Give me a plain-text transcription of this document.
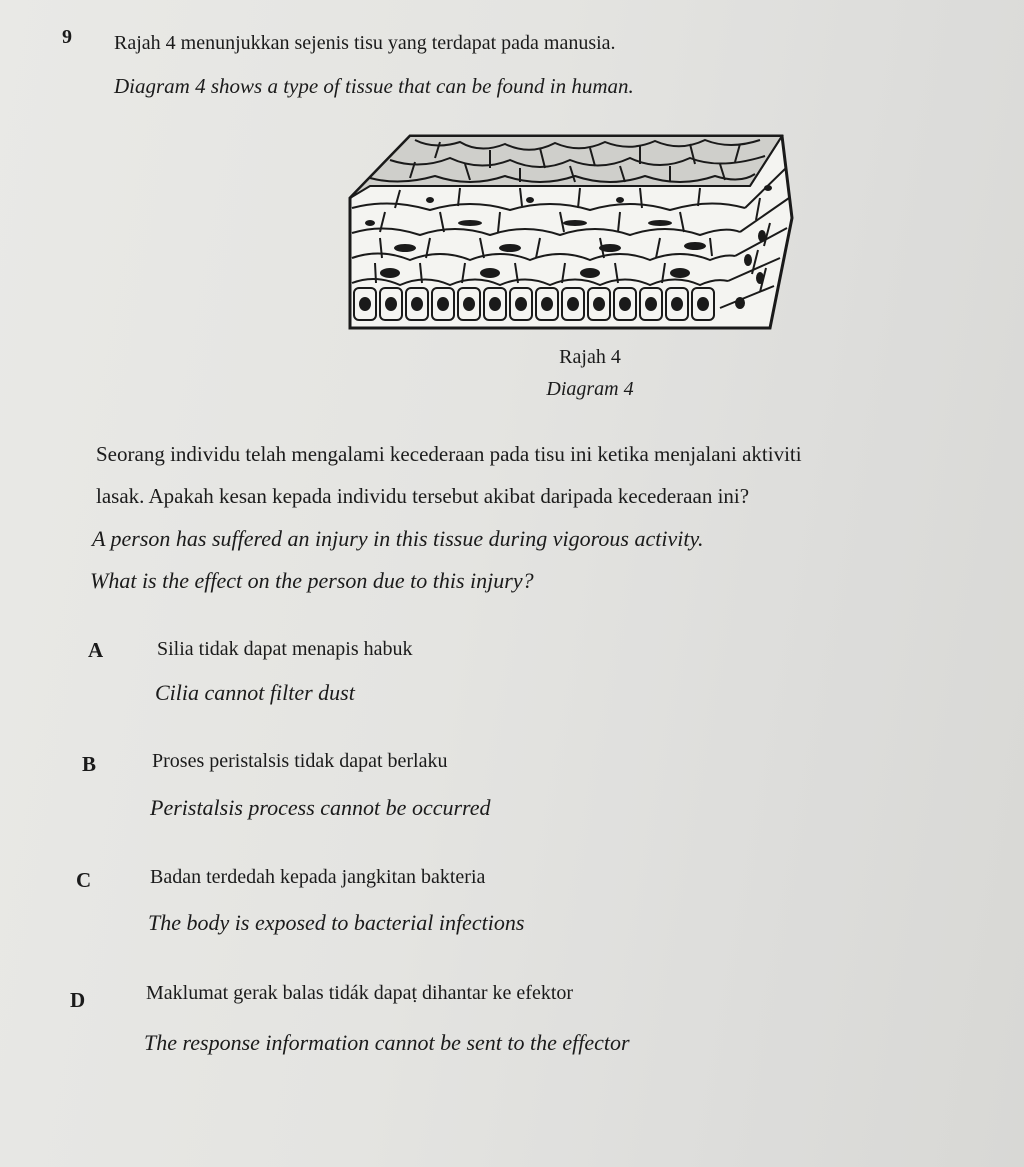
9 Rajah 4 menunjukkan sejenis tisu yang terdapat pada manusia.
Diagram 4 shows a type of tissue that can be found in human.
Rajah 4
Diagram 4
Seorang individu telah mengalami kecederaan pada tisu ini ketika menjalani aktiviti
lasak. Apakah kesan kepada individu tersebut akibat daripada kecederaan ini?
A person has suffered an injury in this tissue during vigorous activity.
What is the effect on the person due to this injury?
A	Silia tidak dapat menapis habuk
Cilia cannot filter dust
B	Proses peristalsis tidak dapat berlaku
Peristalsis process cannot be occurred
C	Badan terdedah kepada jangkitan bakteria
The body is exposed to bacterial infections
D	Maklumat gerak balas tidák dapaṭ dihantar ke efektor
The response information cannot be sent to the effector
